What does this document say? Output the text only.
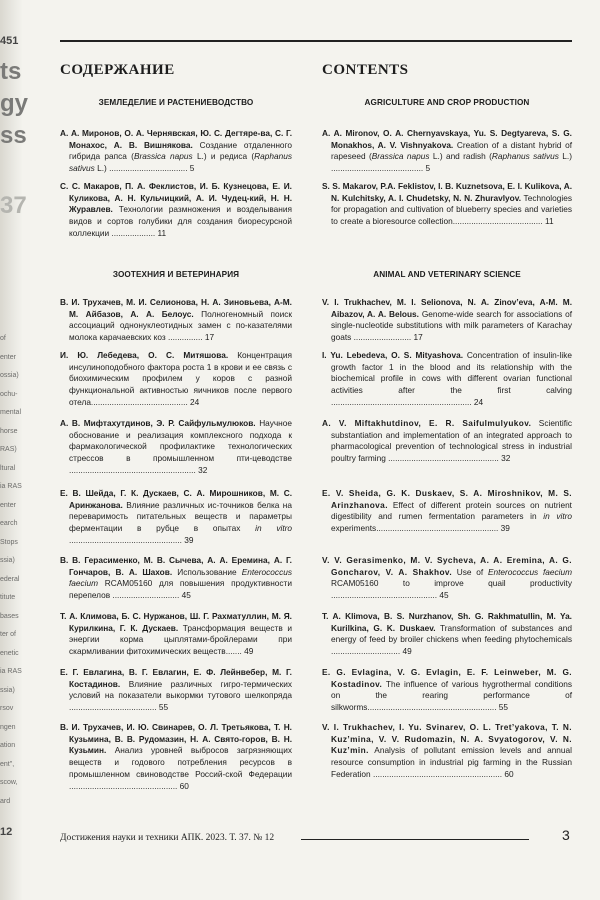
451
ts
gy
ss
37
of
enter
ossia)
ochu-
mental
horse
RAS)
ltural
ia RAS
enter
earch
Stops
ssia)
ederal
titute
bases
ter of
enetic
ia RAS
ssia)
rsov
ngen
ation
ent",
scow,
ard
12
СОДЕРЖАНИЕ	CONTENTS
ЗЕМЛЕДЕЛИЕ И РАСТЕНИЕВОДСТВО
ЗООТЕХНИЯ И ВЕТЕРИНАРИЯ
А. А. Миронов, О. А. Чернявская, Ю. С. Дегтяре-ва, С. Г. Монахос, А. В. Вишнякова. Создание отдаленного гибрида рапса (Brassica napus L.) и редиса (Raphanus sativus L.) .................................. 5
С. С. Макаров, П. А. Феклистов, И. Б. Кузнецова, Е. И. Куликова, А. Н. Кульчицкий, А. И. Чудец-кий, Н. Н. Журавлев. Технологии размножения и возделывания видов и сортов голубики для создания биоресурсной коллекции ................... 11
В. И. Трухачев, М. И. Селионова, Н. А. Зиновьева, А-М. М. Айбазов, А. А. Белоус. Полногеномный поиск ассоциаций однонуклеотидных замен с по-казателями молока карачаевских коз ............... 17
И. Ю. Лебедева, О. С. Митяшова. Концентрация инсулиноподобного фактора роста 1 в крови и ее связь с биохимическим профилем у коров с разной функциональной активностью яичников после первого отела.......................................... 24
А. В. Мифтахутдинов, Э. Р. Сайфульмулюков. Научное обоснование и реализация комплексного подхода к фармакологической профилактике технологических стрессов в промышленном пти-цеводстве ....................................................... 32
Е. В. Шейда, Г. К. Дускаев, С. А. Мирошников, М. С. Аринжанова. Влияние различных ис-точников белка на переваримость питательных веществ и параметры ферментации в рубце в опытах in vitro ................................................. 39
В. В. Герасименко, М. В. Сычева, А. А. Еремина, А. Г. Гончаров, В. А. Шахов. Использование Enterococcus faecium RCAM05160 для повышения продуктивности перепелов ............................. 45
Т. А. Климова, Б. С. Нуржанов, Ш. Г. Рахматуллин, М. Я. Курилкина, Г. К. Дускаев. Трансформация веществ и энергии корма цыплятами-бройлерами при скармливании фитохимических веществ....... 49
Е. Г. Евлагина, В. Г. Евлагин, Е. Ф. Лейнвебер, М. Г. Костадинов. Влияние различных гигро-термических условий на показатели выкормки тутового шелкопряда ...................................... 55
В. И. Трухачев, И. Ю. Свинарев, О. Л. Третьякова, Т. Н. Кузьмина, В. В. Рудомазин, Н. А. Свято-горов, В. Н. Кузьмин. Анализ уровней выбросов загрязняющих веществ и годового потребления ресурсов в промышленном свиноводстве Россий-ской Федерации ............................................... 60
AGRICULTURE AND CROP PRODUCTION
ANIMAL AND VETERINARY SCIENCE
A. A. Mironov, O. A. Chernyavskaya, Yu. S. Degtyareva, S. G. Monakhos, A. V. Vishnyakova. Creation of a distant hybrid of rapeseed (Brassica napus L.) and radish (Raphanus sativus L.) ........................................ 5
S. S. Makarov, P.A. Feklistov, I. B. Kuznetsova, E. I. Kulikova, A. N. Kulchitsky, A. I. Chudetsky, N. N. Zhuravlyov. Technologies for propagation and cultivation of blueberry species and varieties to create a bioresource collection....................................... 11
V. I. Trukhachev, M. I. Selionova, N. A. Zinov’eva, A-M. M. Aibazov, A. A. Belous. Genome-wide search for associations of single-nucleotide substitutions with milk parameters of Karachay goats ......................... 17
I. Yu. Lebedeva, O. S. Mityashova. Concentration of insulin-like growth factor 1 in the blood and its relationship with the biochemical profile in cows with different ovarian functional activities after the first calving ............................................................. 24
A. V. Miftakhutdinov, E. R. Saifulmulyukov. Scientific substantiation and implementation of an integrated approach to pharmacological prevention of technological stress in industrial poultry farming ................................................ 32
E. V. Sheida, G. K. Duskaev, S. A. Miroshnikov, M. S. Arinzhanova. Effect of different protein sources on nutrient digestibility and rumen fermentation parameters in in vitro experiments..................................................... 39
V. V. Gerasimenko, M. V. Sycheva, A. A. Eremina, A. G. Goncharov, V. A. Shakhov. Use of Enterococcus faecium RCAM05160 to improve quail productivity .............................................. 45
T. A. Klimova, B. S. Nurzhanov, Sh. G. Rakhmatullin, M. Ya. Kurilkina, G. K. Duskaev. Transformation of substances and energy of feed by broiler chickens when feeding phytochemicals .............................. 49
E. G. Evlagina, V. G. Evlagin, E. F. Leinweber, M. G. Kostadinov. The influence of various hygrothermal conditions on the rearing performance of silkworms........................................................ 55
V. I. Trukhachev, I. Yu. Svinarev, O. L. Tret’yakova, T. N. Kuz’mina, V. V. Rudomazin, N. A. Svyatogorov, V. N. Kuz’min. Analysis of pollutant emission levels and annual resource consumption in industrial pig farming in the Russian Federation ........................................................ 60
Достижения науки и техники АПК. 2023. Т. 37. № 12	3
